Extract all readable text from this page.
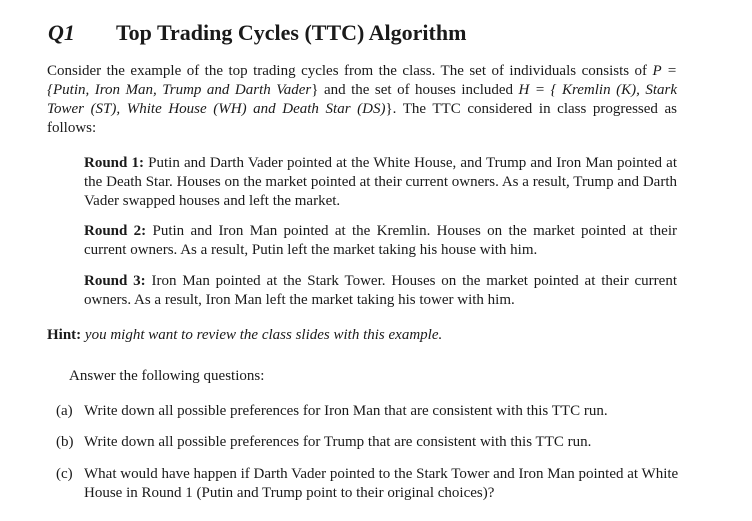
Q1	Top Trading Cycles (TTC) Algorithm

Consider the example of the top trading cycles from the class. The set of individuals consists of P = {Putin, Iron Man, Trump and Darth Vader} and the set of houses included H = { Kremlin (K), Stark Tower (ST), White House (WH) and Death Star (DS)}. The TTC considered in class progressed as follows:

Round 1: Putin and Darth Vader pointed at the White House, and Trump and Iron Man pointed at the Death Star. Houses on the market pointed at their current owners. As a result, Trump and Darth Vader swapped houses and left the market.

Round 2: Putin and Iron Man pointed at the Kremlin. Houses on the market pointed at their current owners. As a result, Putin left the market taking his house with him.

Round 3: Iron Man pointed at the Stark Tower. Houses on the market pointed at their current owners. As a result, Iron Man left the market taking his tower with him.

Hint: you might want to review the class slides with this example.

Answer the following questions:

(a) Write down all possible preferences for Iron Man that are consistent with this TTC run.
(b) Write down all possible preferences for Trump that are consistent with this TTC run.
(c) What would have happen if Darth Vader pointed to the Stark Tower and Iron Man pointed at White House in Round 1 (Putin and Trump point to their original choices)?
